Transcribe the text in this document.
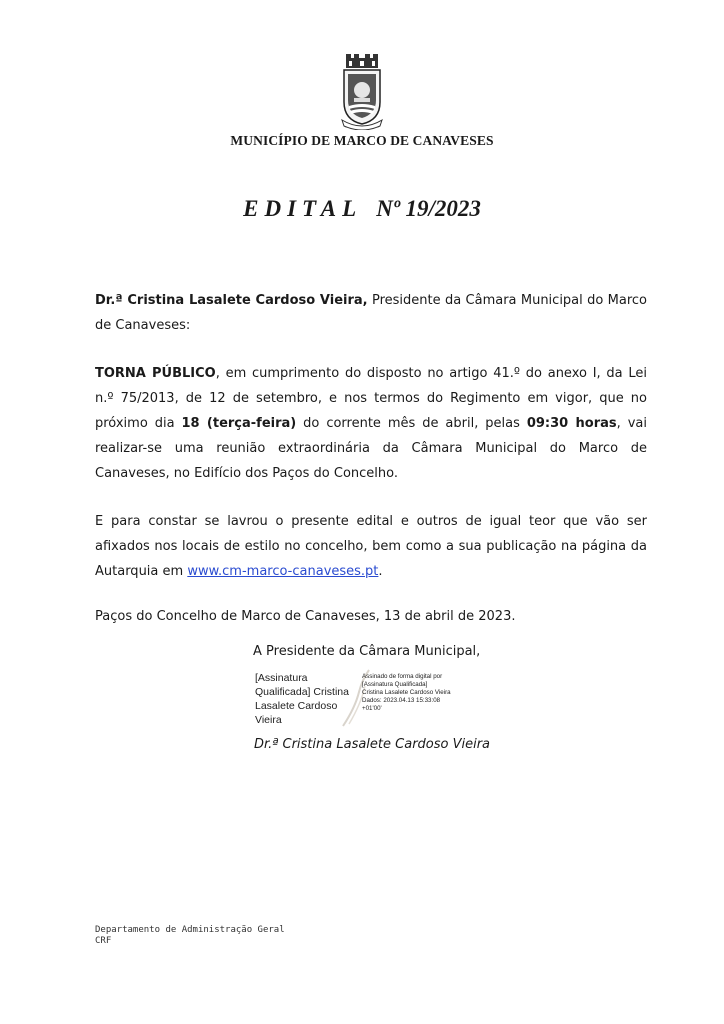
MUNICÍPIO DE MARCO DE CANAVESES
EDITAL Nº 19/2023
Dr.ª Cristina Lasalete Cardoso Vieira, Presidente da Câmara Municipal do Marco de Canaveses:
TORNA PÚBLICO, em cumprimento do disposto no artigo 41.º do anexo I, da Lei n.º 75/2013, de 12 de setembro, e nos termos do Regimento em vigor, que no próximo dia 18 (terça-feira) do corrente mês de abril, pelas 09:30 horas, vai realizar-se uma reunião extraordinária da Câmara Municipal do Marco de Canaveses, no Edifício dos Paços do Concelho.
E para constar se lavrou o presente edital e outros de igual teor que vão ser afixados nos locais de estilo no concelho, bem como a sua publicação na página da Autarquia em www.cm-marco-canaveses.pt.
Paços do Concelho de Marco de Canaveses, 13 de abril de 2023.
A Presidente da Câmara Municipal,
[Assinatura
Qualificada] Cristina
Lasalete Cardoso
Vieira
Assinado de forma digital por
[Assinatura Qualificada]
Cristina Lasalete Cardoso Vieira
Dados: 2023.04.13 15:33:08
+01'00'
Dr.ª Cristina Lasalete Cardoso Vieira
Departamento de Administração Geral
CRF
